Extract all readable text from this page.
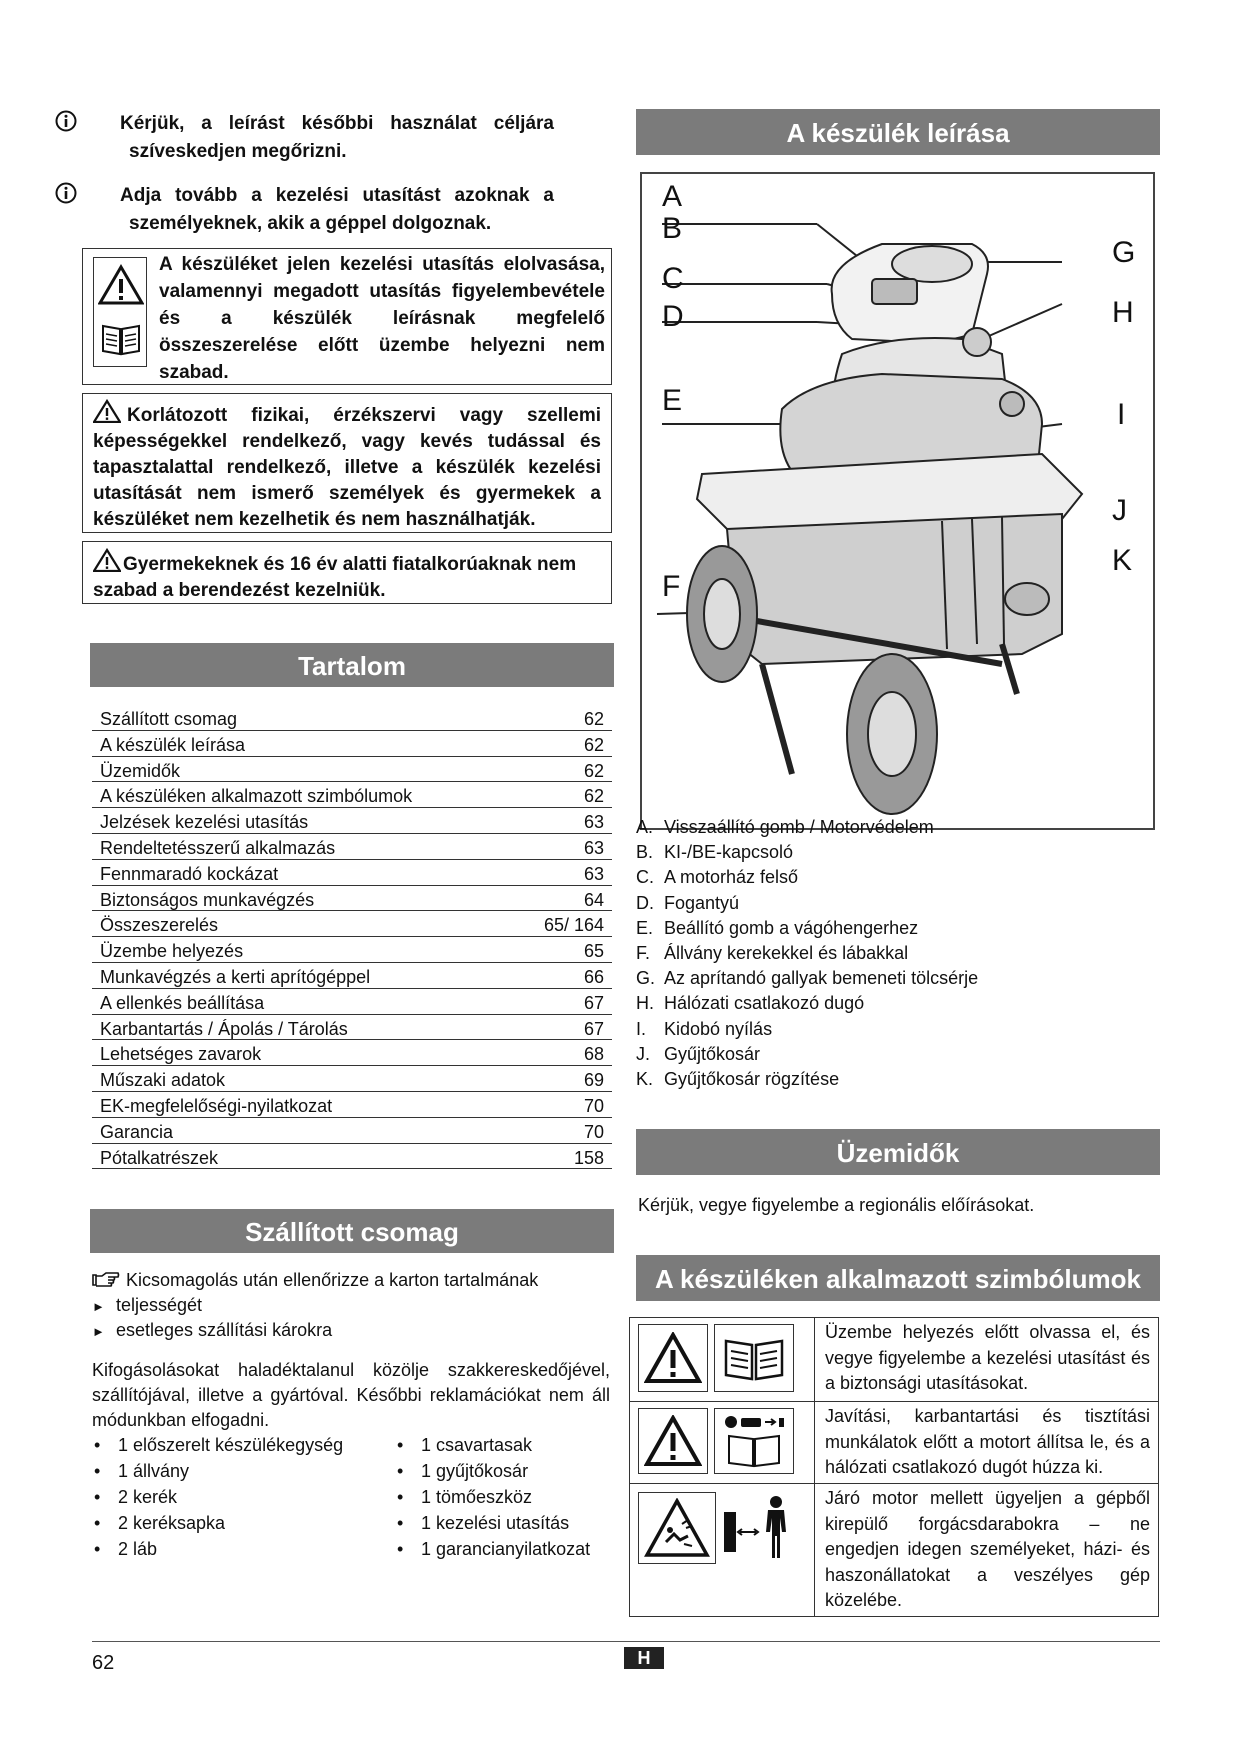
Kérjük, a leírást későbbi használat céljára szíveskedjen megőrizni.
Adja tovább a kezelési utasítást azoknak a személyeknek, akik a géppel dolgoznak.
A készüléket jelen kezelési utasítás elolvasása, valamennyi megadott utasítás figyelembevétele és a készülék leírásnak megfelelő összeszerelése előtt üzembe helyezni nem szabad.
Korlátozott fizikai, érzékszervi vagy szellemi képességekkel rendelkező, vagy kevés tudással és tapasztalattal rendelkező, illetve a készülék kezelési utasítását nem ismerő személyek és gyermekek a készüléket nem kezelhetik és nem használhatják.
Gyermekeknek és 16 év alatti fiatalkorúaknak nem szabad a berendezést kezelniük.
Tartalom
Szállított csomag	62
A készülék leírása	62
Üzemidők	62
A készüléken alkalmazott szimbólumok	62
Jelzések kezelési utasítás	63
Rendeltetésszerű alkalmazás	63
Fennmaradó kockázat	63
Biztonságos munkavégzés	64
Összeszerelés	65/ 164
Üzembe helyezés	65
Munkavégzés a kerti aprítógéppel	66
A ellenkés beállítása	67
Karbantartás / Ápolás / Tárolás	67
Lehetséges zavarok	68
Műszaki adatok	69
EK-megfelelőségi-nyilatkozat	70
Garancia	70
Pótalkatrészek	158
Szállított csomag
Kicsomagolás után ellenőrizze a karton tartalmának
► teljességét
► esetleges szállítási károkra
Kifogásolásokat haladéktalanul közölje szakkereskedőjével, szállítójával, illetve a gyártóval. Későbbi reklamációkat nem áll módunkban elfogadni.
• 1 előszerelt készülékegység
• 1 állvány
• 2 kerék
• 2 keréksapka
• 2 láb
• 1 csavartasak
• 1 gyűjtőkosár
• 1 tömőeszköz
• 1 kezelési utasítás
• 1 garancianyilatkozat
A készülék leírása
A
B
C
D
E
F
G
H
I
J
K
A. Visszaállító gomb / Motorvédelem
B. KI-/BE-kapcsoló
C. A motorház felső
D. Fogantyú
E. Beállító gomb a vágóhengerhez
F. Állvány kerekekkel és lábakkal
G. Az aprítandó gallyak bemeneti tölcsérje
H. Hálózati csatlakozó dugó
I. Kidobó nyílás
J. Gyűjtőkosár
K. Gyűjtőkosár rögzítése
Üzemidők
Kérjük, vegye figyelembe a regionális előírásokat.
A készüléken alkalmazott szimbólumok
	Üzembe helyezés előtt olvassa el, és vegye figyelembe a kezelési utasítást és a biztonsági utasításokat.

	Javítási, karbantartási és tisztítási munkálatok előtt a motort állítsa le, és a hálózati csatlakozó dugót húzza ki.

	Járó motor mellett ügyeljen a gépből kirepülő forgácsdarabokra – ne engedjen idegen személyeket, házi- és haszonállatokat a veszélyes gép közelébe.
62	H
